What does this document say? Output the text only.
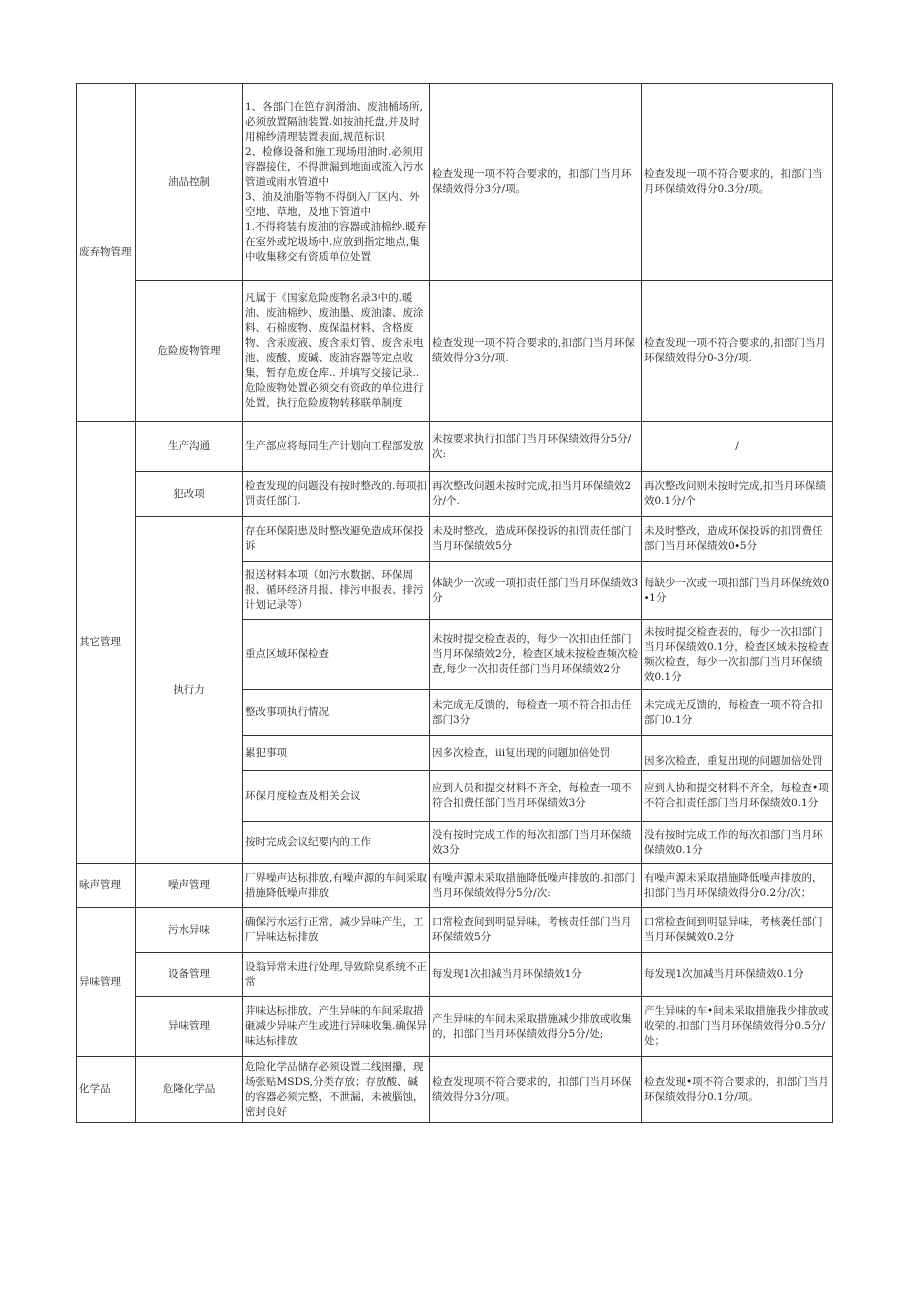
废弃物管理	油品控制	1、各部门在笆存润滑油、废油桶场所,必须放置隔油装置.如按油托盘,并及时用棉纱清理装置表面,规范标识
2、检修设备和施工现场用油时.必须用容器接住，不得泄漏到地面或流入污水管道或雨水管道中
3、油及油脂等物不得倒入厂区内、外空地、草地，及地下管道中
1.不得将装有废油的容器或油棉纱.暖弃在室外或坨圾场中.应放到指定地点,集中收集移交有资质单位处置	检查发现一项不符合要求的，扣部门当月环保绩效得分3分/项。	检查发现一项不符合要求的，扣部门当月环保绩效得分0.3分/项。
	危险废物管理	凡属于《国家危险废物名录3中的.暖油、废油棉纱、废油墨、废油漆、废涂料、石棉废物、废保温材料、含格废物、含汞废液、废含汞灯管、废含汞电池、废酸、废碱、废油容器等定点收集，暂存危废仓库.. 并填写交接记录.. 危险废物处置必须交有资政的单位进行处置，执行危险废物转移联单制度	检查发现一项不符合要求的,扣部门当月环保绩效得分3分/项.	检查发现一项不符合要求的,扣部门当月环保绩效得分0-3分/项.
其它管理	生产沟通	生产部应将每同生产计划向工程部发放	未按要求执行扣部门当月环保绩效得分5分/次:	/
	犯改项	检查发现的问题没有按时整改的.每项扣罚责任部门.	再次整改问题未按时完成,扣当月环保绩效2分/个.	再次整改问则未按时完成,扣当月环保绩效0.1分/个
	执行力	存在环保阳患及时整改避免造成环保投诉	未及时整改，造成环保投诉的扣罚责任部门当月环保绩效5分	未及时整改，造成环保投诉的扣罚费任部门当月环保绩效0∙5分
		报送材料本项（如污水数据、环保周报、循环经济月报、排污申报表、排污计划记录等）	体缺少一次或一项扣责任部门当月环保绩效3分	每缺少一次或一项扣部门当月环保统效0∙1分
		重点区域环保检查	未按时提交检查表的，每少一次扣由任部门当月环保绩效2分，检查区域未按检查频次检查,每少一次扣责任部门当月环保绩效2分	未按时提交检查表的，每少一次扣部门当月环保绩效0.1分，检查区域未按检查频次检查，每少一次扣部门当月环保绩效0.1分
		整改事项执行情况	未完成无反馈的，每检查一项不符合扣击任部门3分	未完成无反馈的，每检查一项不符合扣部门0.1分
		累犯事项	因多次检查，iii复出现的问题加倍处罚	因多次检查，重复出现的问题加倍处罚
		环保月度检查及相关会议	应到人员和提交材料不齐全，每检查一项不符合扣费任部门当月环保绩效3分	应到人协和提交材料不齐全，每检查•项不符合扣责任部门当月环保绩效0.1分
		按时完成会议纪要内的工作	没有按时完成工作的每次扣部门当月环保绩效3分	没有按时完成工作的每次扣部门当月环保绩效0.1分
咏声管理	噪声管理	厂界噪声达标排放,有噪声源的车间采取措施降低噪声排放	有噪声源未采取措施降低噪声排放的.扣部门当月环保绩效得分5分/次:	有噪声源未采取措施降低噪声排放的，扣部门当月环保绩效得分0.2分/次；
异味管理	污水异味	确保污水运行正常，减少异味产生，工厂异味达标排放	口常检查间到明显异味，考核责任部门当月环保绩效5分	口常检查间到明显异味，考核袭任部门当月环保緘效0.2分
	设备管理	设翁异常未进行处理,导致除臭系统不正常	每发现1次扣減当月环保绩效1分	每发现1次加减当月环保绩效0.1分
	异味管理	茾味达标排放，产生异味的车间采取措砸减少异味产生或进行异味收集.确保异味达标排放	产生异味的车间未采取措施减少排放或收集的，扣部门当月环保绩效得分5分/处;	产生异味的车•间未采取措施我少排放或收荣的.扣部门当月环保绩效得分0.5分/处；
化学品	危隆化学品	危险化学品储存必须设置二线圉攥，现场张贴MSDS,分类存放；存放酸、碱的容器必须完整，不泄漏，未被腦蚀，密封良好	检查发现项不符合要求的，扣部门当月环保绩效得分3分/项。	检查发现•项不符合要求的，扣部门当月环保绩效得分0.1分/项。
